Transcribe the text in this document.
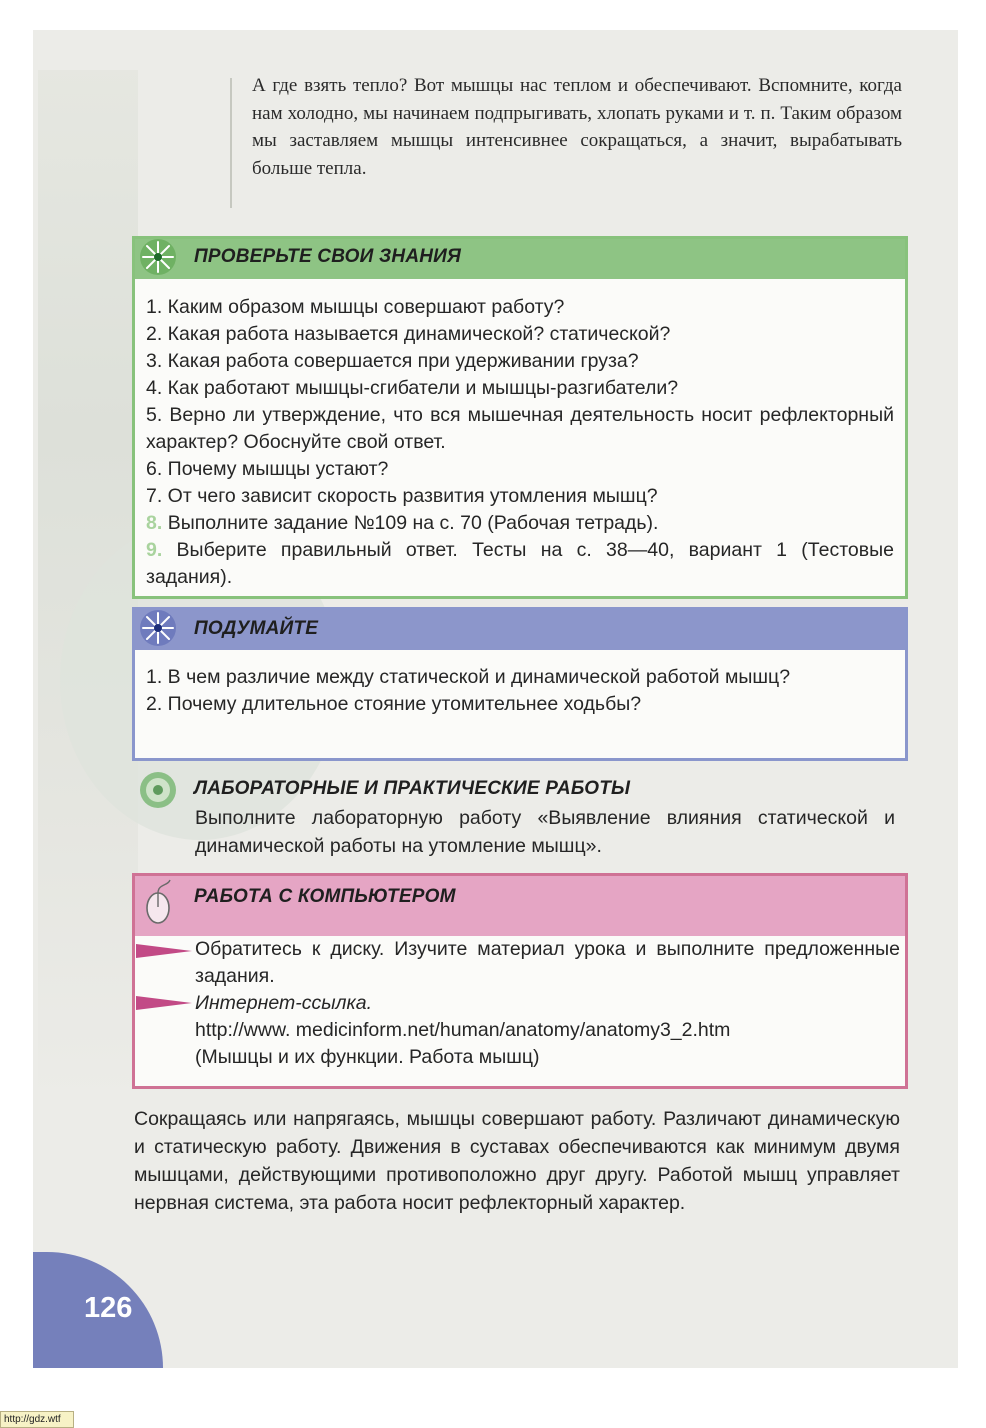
А где взять тепло? Вот мышцы нас теплом и обеспечивают. Вспомните, когда нам холодно, мы начинаем подпрыгивать, хлопать руками и т. п. Таким образом мы заставляем мышцы интенсивнее сокращаться, а значит, вырабатывать больше тепла.

ПРОВЕРЬТЕ СВОИ ЗНАНИЯ
1. Каким образом мышцы совершают работу?
2. Какая работа называется динамической? статической?
3. Какая работа совершается при удерживании груза?
4. Как работают мышцы-сгибатели и мышцы-разгибатели?
5. Верно ли утверждение, что вся мышечная деятельность носит рефлекторный характер? Обоснуйте свой ответ.
6. Почему мышцы устают?
7. От чего зависит скорость развития утомления мышц?
8. Выполните задание №109 на с. 70 (Рабочая тетрадь).
9. Выберите правильный ответ. Тесты на с. 38—40, вариант 1 (Тестовые задания).
ПОДУМАЙТЕ
1. В чем различие между статической и динамической работой мышц?
2. Почему длительное стояние утомительнее ходьбы?
ЛАБОРАТОРНЫЕ И ПРАКТИЧЕСКИЕ РАБОТЫ

Выполните лабораторную работу «Выявление влияния статической и динамической работы на утомление мышц».

РАБОТА С КОМПЬЮТЕРОМ
Обратитесь к диску. Изучите материал урока и выполните предложенные задания.
Интернет-ссылка.
http://www. medicinform.net/human/anatomy/anatomy3_2.htm
(Мышцы и их функции. Работа мышц)

Сокращаясь или напрягаясь, мышцы совершают работу. Различают динамическую и статическую работу. Движения в суставах обеспечиваются как минимум двумя мышцами, действующими противоположно друг другу. Работой мышц управляет нервная система, эта работа носит рефлекторный характер.

126
http://gdz.wtf
